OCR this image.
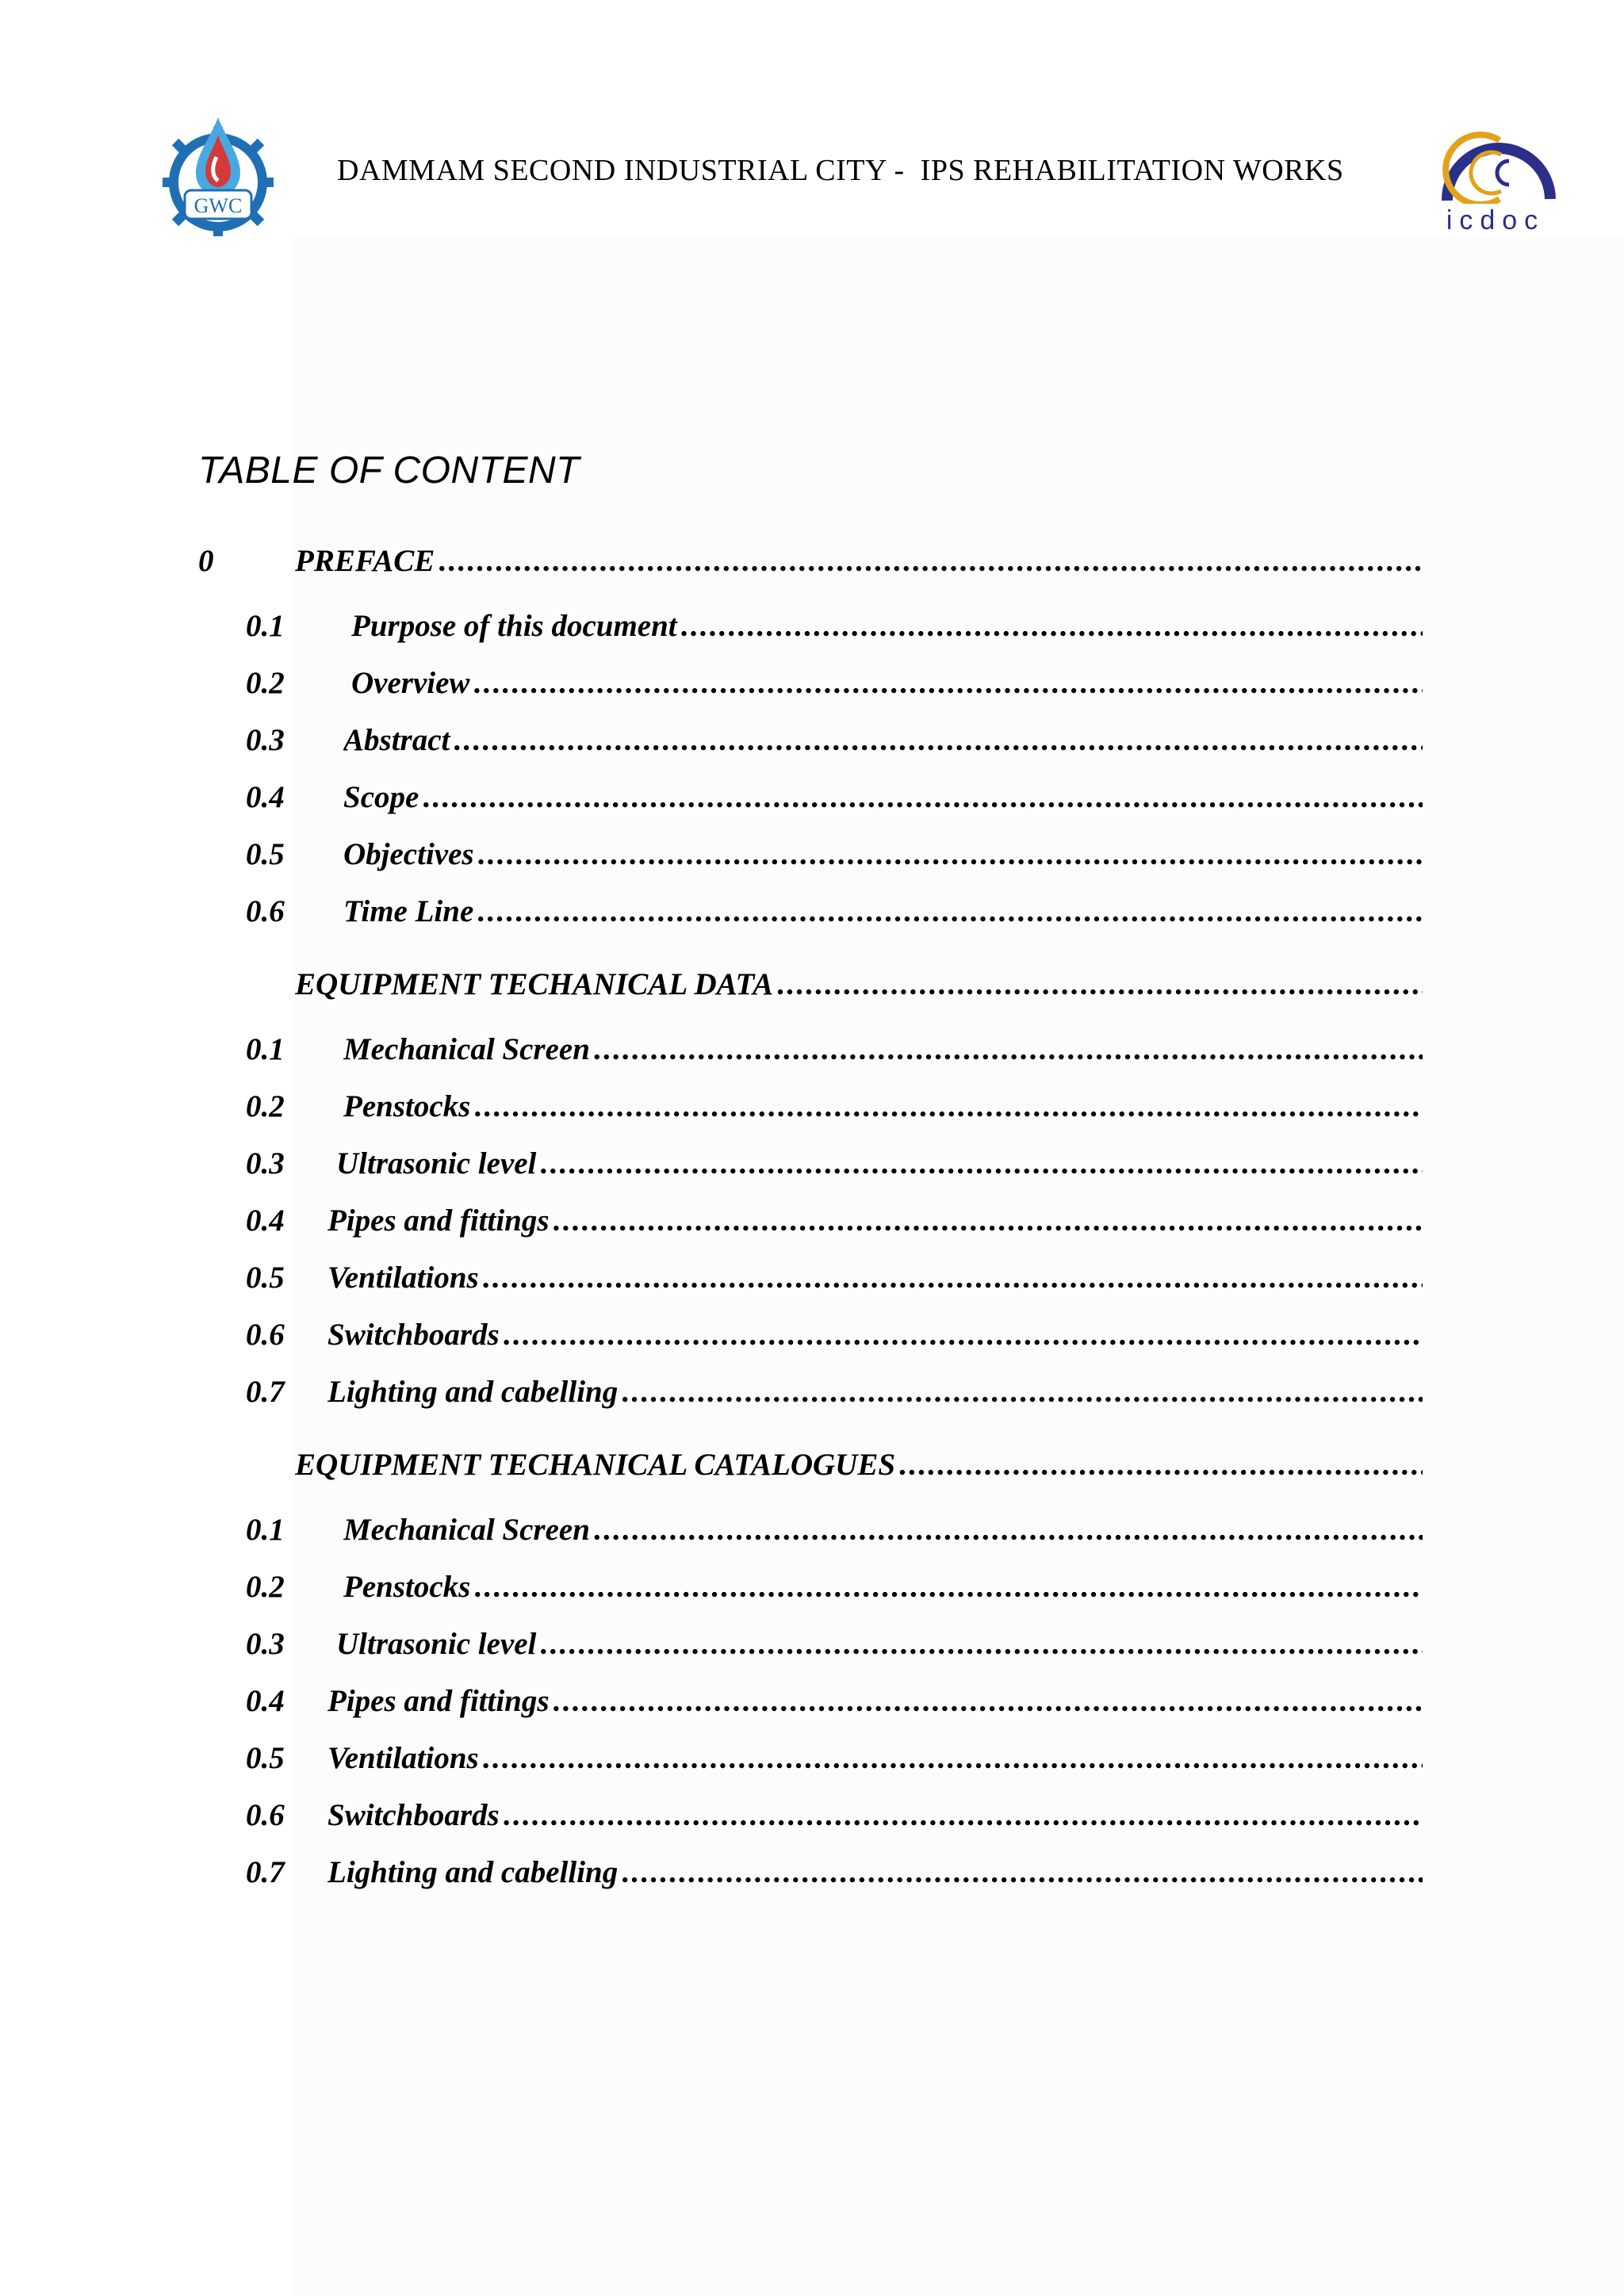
GWC
DAMMAM SECOND INDUSTRIAL CITY -  IPS REHABILITATION WORKS
icdoc
TABLE OF CONTENT
0	PREFACE
.....
0.1 Purpose of this document
.....
0.2 Overview
.....
0.3 Abstract
.....
0.4 Scope
.....
0.5 Objectives
.....
0.6 Time Line
.....
EQUIPMENT TECHANICAL DATA
.....
0.1 Mechanical Screen
.....
0.2 Penstocks
.....
0.3 Ultrasonic level
.....
0.4 Pipes and fittings
.....
0.5 Ventilations
.....
0.6 Switchboards
.....
0.7 Lighting and cabelling
.....
EQUIPMENT TECHANICAL CATALOGUES
.....
0.1 Mechanical Screen
.....
0.2 Penstocks
.....
0.3 Ultrasonic level
.....
0.4 Pipes and fittings
.....
0.5 Ventilations
.....
0.6 Switchboards
.....
0.7 Lighting and cabelling
.....
